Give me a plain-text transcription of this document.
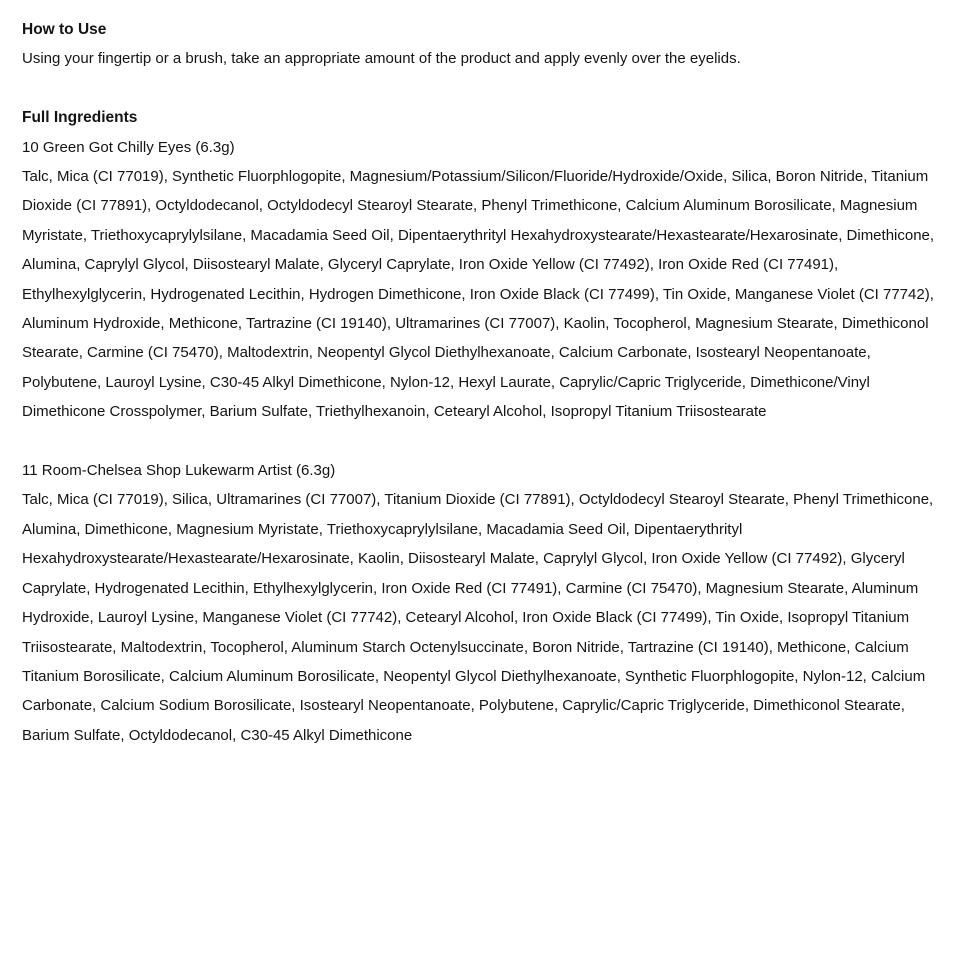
How to Use

Using your fingertip or a brush, take an appropriate amount of the product and apply evenly over the eyelids.

Full Ingredients
10 Green Got Chilly Eyes (6.3g)

Talc, Mica (CI 77019), Synthetic Fluorphlogopite, Magnesium/Potassium/Silicon/Fluoride/Hydroxide/Oxide, Silica, Boron Nitride, Titanium Dioxide (CI 77891), Octyldodecanol, Octyldodecyl Stearoyl Stearate, Phenyl Trimethicone, Calcium Aluminum Borosilicate, Magnesium Myristate, Triethoxycaprylylsilane, Macadamia Seed Oil, Dipentaerythrityl Hexahydroxystearate/Hexastearate/Hexarosinate, Dimethicone, Alumina, Caprylyl Glycol, Diisostearyl Malate, Glyceryl Caprylate, Iron Oxide Yellow (CI 77492), Iron Oxide Red (CI 77491), Ethylhexylglycerin, Hydrogenated Lecithin, Hydrogen Dimethicone, Iron Oxide Black (CI 77499), Tin Oxide, Manganese Violet (CI 77742), Aluminum Hydroxide, Methicone, Tartrazine (CI 19140), Ultramarines (CI 77007), Kaolin, Tocopherol, Magnesium Stearate, Dimethiconol Stearate, Carmine (CI 75470), Maltodextrin, Neopentyl Glycol Diethylhexanoate, Calcium Carbonate, Isostearyl Neopentanoate, Polybutene, Lauroyl Lysine, C30-45 Alkyl Dimethicone, Nylon-12, Hexyl Laurate, Caprylic/Capric Triglyceride, Dimethicone/Vinyl Dimethicone Crosspolymer, Barium Sulfate, Triethylhexanoin, Cetearyl Alcohol, Isopropyl Titanium Triisostearate

11 Room-Chelsea Shop Lukewarm Artist (6.3g)

Talc, Mica (CI 77019), Silica, Ultramarines (CI 77007), Titanium Dioxide (CI 77891), Octyldodecyl Stearoyl Stearate, Phenyl Trimethicone, Alumina, Dimethicone, Magnesium Myristate, Triethoxycaprylylsilane, Macadamia Seed Oil, Dipentaerythrityl Hexahydroxystearate/Hexastearate/Hexarosinate, Kaolin, Diisostearyl Malate, Caprylyl Glycol, Iron Oxide Yellow (CI 77492), Glyceryl Caprylate, Hydrogenated Lecithin, Ethylhexylglycerin, Iron Oxide Red (CI 77491), Carmine (CI 75470), Magnesium Stearate, Aluminum Hydroxide, Lauroyl Lysine, Manganese Violet (CI 77742), Cetearyl Alcohol, Iron Oxide Black (CI 77499), Tin Oxide, Isopropyl Titanium Triisostearate, Maltodextrin, Tocopherol, Aluminum Starch Octenylsuccinate, Boron Nitride, Tartrazine (CI 19140), Methicone, Calcium Titanium Borosilicate, Calcium Aluminum Borosilicate, Neopentyl Glycol Diethylhexanoate, Synthetic Fluorphlogopite, Nylon-12, Calcium Carbonate, Calcium Sodium Borosilicate, Isostearyl Neopentanoate, Polybutene, Caprylic/Capric Triglyceride, Dimethiconol Stearate, Barium Sulfate, Octyldodecanol, C30-45 Alkyl Dimethicone
